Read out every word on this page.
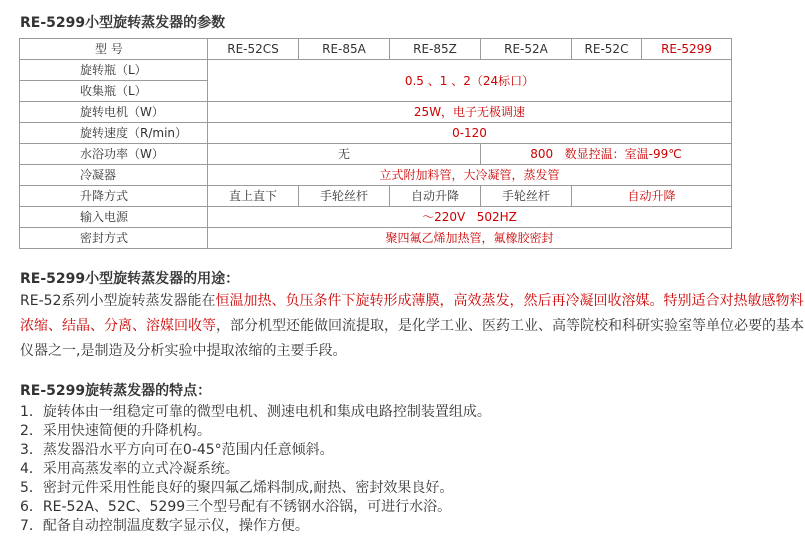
RE-5299小型旋转蒸发器的参数
型 号	RE-52CS	RE-85A	RE-85Z	RE-52A	RE-52C	RE-5299
旋转瓶（L）	0.5 、1 、2（24标口）					
收集瓶（L）						
旋转电机（W）	25W，电子无极调速					
旋转速度（R/min）	0-120					
水浴功率（W）	无			800   数显控温：室温-99℃		
冷凝器	立式附加料管，大冷凝管，蒸发管					
升降方式	直上直下	手轮丝杆	自动升降	手轮丝杆	自动升降	
输入电源	～220V   502HZ					
密封方式	聚四氟乙烯加热管，氟橡胶密封					
RE-5299小型旋转蒸发器的用途：
RE-52系列小型旋转蒸发器能在恒温加热、负压条件下旋转形成薄膜，高效蒸发，然后再冷凝回收溶媒。特别适合对热敏感物料浓缩、结晶、分离、溶媒回收等，部分机型还能做回流提取，是化学工业、医药工业、高等院校和科研实验室等单位必要的基本仪器之一,是制造及分析实验中提取浓缩的主要手段。
RE-5299旋转蒸发器的特点：
1．旋转体由一组稳定可靠的微型电机、测速电机和集成电路控制装置组成。
2．采用快速简便的升降机构。
3．蒸发器沿水平方向可在0-45°范围内任意倾斜。
4．采用高蒸发率的立式冷凝系统。
5．密封元件采用性能良好的聚四氟乙烯料制成,耐热、密封效果良好。
6．RE-52A、52C、5299三个型号配有不锈钢水浴锅，可进行水浴。
7．配备自动控制温度数字显示仪，操作方便。
